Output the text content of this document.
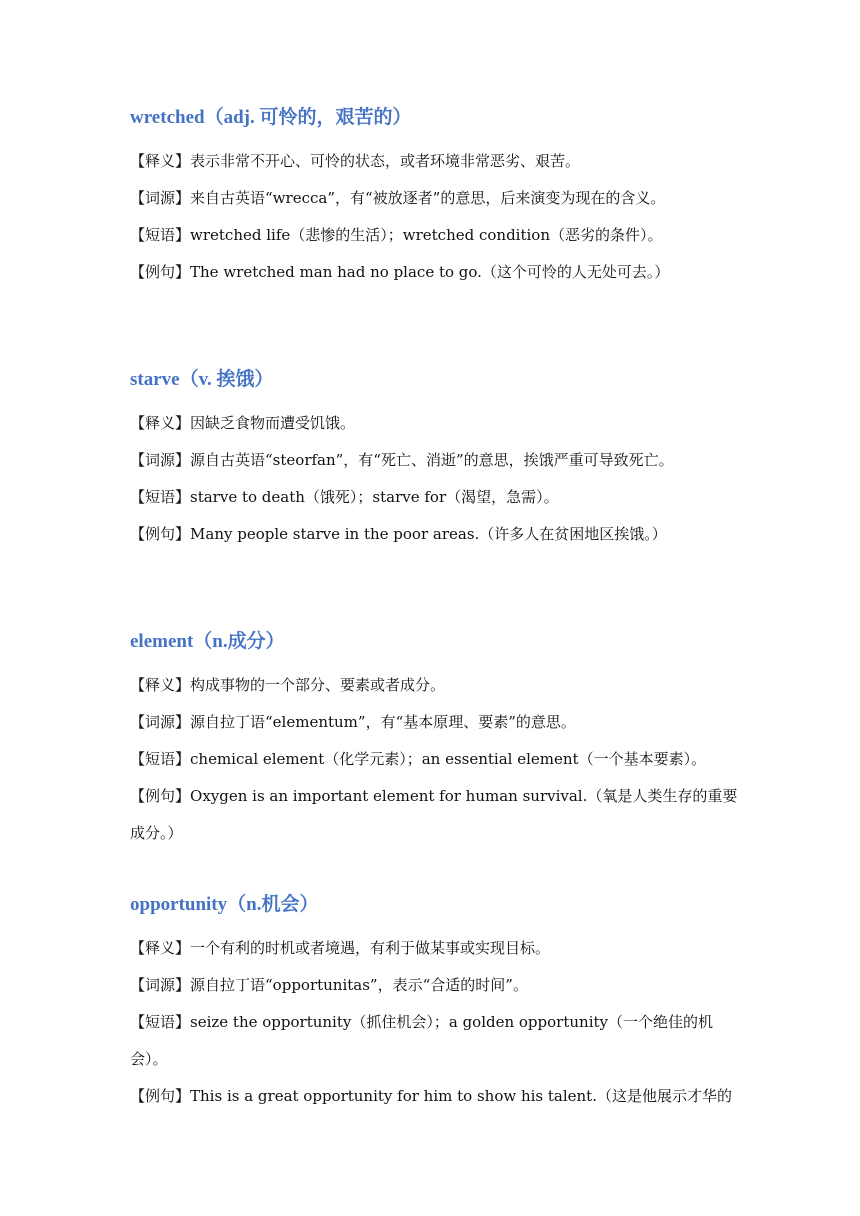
wretched（adj. 可怜的，艰苦的）

【释义】表示非常不开心、可怜的状态，或者环境非常恶劣、艰苦。

【词源】来自古英语“wrecca”，有“被放逐者”的意思，后来演变为现在的含义。

【短语】wretched life（悲惨的生活）；wretched condition（恶劣的条件）。

【例句】The wretched man had no place to go.（这个可怜的人无处可去。）

starve（v. 挨饿）

【释义】因缺乏食物而遭受饥饿。

【词源】源自古英语“steorfan”，有“死亡、消逝”的意思，挨饿严重可导致死亡。

【短语】starve to death（饿死）；starve for（渴望，急需）。

【例句】Many people starve in the poor areas.（许多人在贫困地区挨饿。）

element（n.成分）

【释义】构成事物的一个部分、要素或者成分。

【词源】源自拉丁语“elementum”，有“基本原理、要素”的意思。

【短语】chemical element（化学元素）；an essential element（一个基本要素）。

【例句】Oxygen is an important element for human survival.（氧是人类生存的重要成分。）

opportunity（n.机会）

【释义】一个有利的时机或者境遇，有利于做某事或实现目标。

【词源】源自拉丁语“opportunitas”，表示“合适的时间”。

【短语】seize the opportunity（抓住机会）；a golden opportunity（一个绝佳的机会）。

【例句】This is a great opportunity for him to show his talent.（这是他展示才华的
